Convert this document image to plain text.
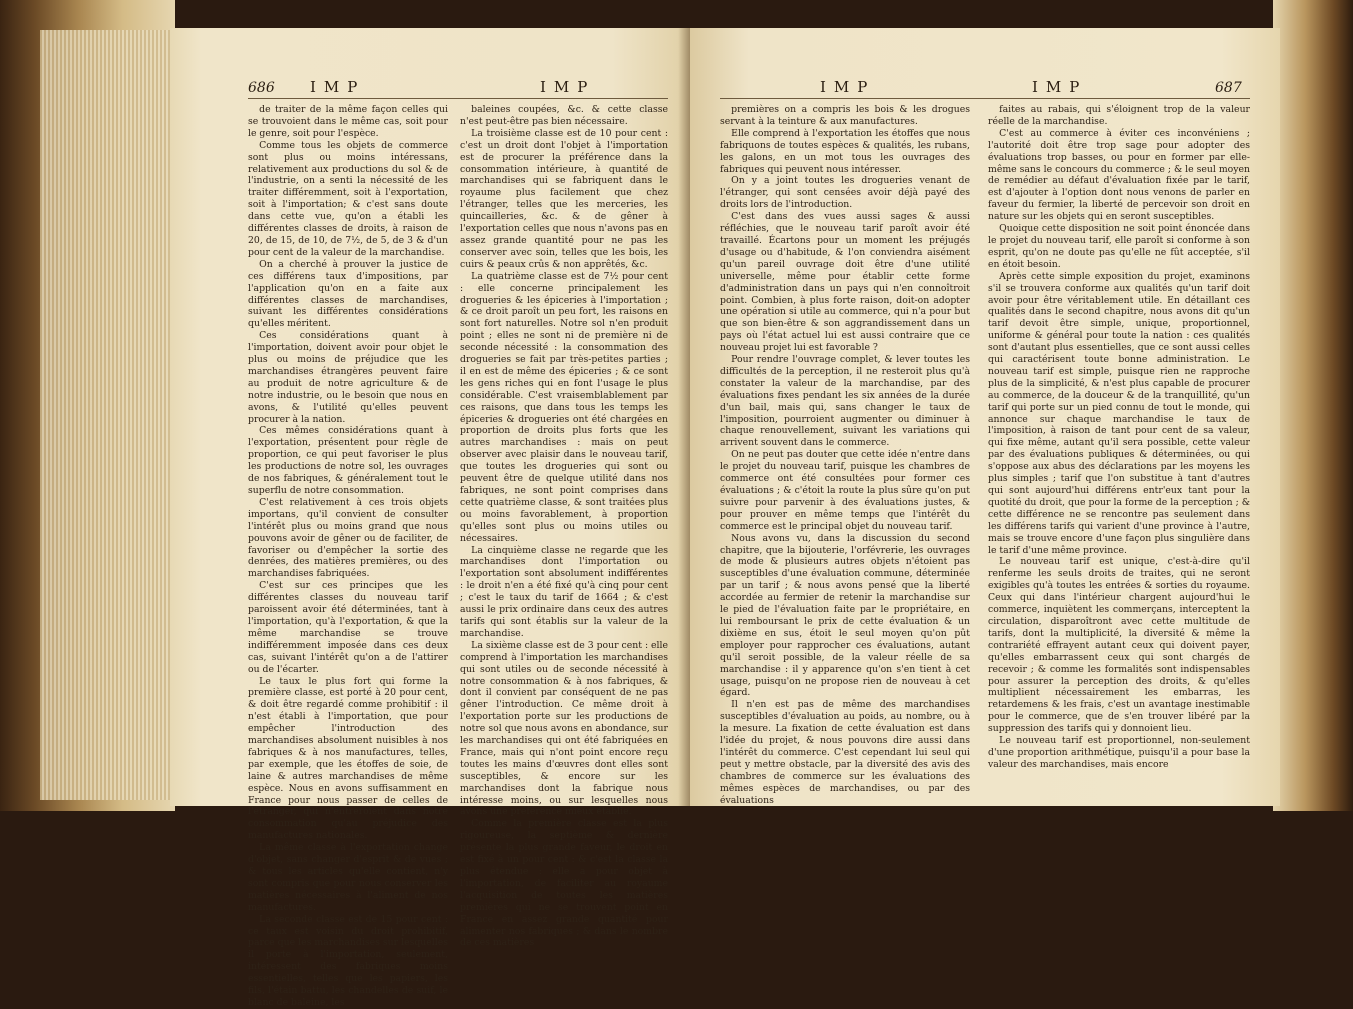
686 IMP	IMP

de traiter de la même façon celles qui se trouvoient dans le même cas, soit pour le genre, soit pour l'espèce.

Comme tous les objets de commerce sont plus ou moins intéressans, relativement aux productions du sol & de l'industrie, on a senti la nécessité de les traiter différemment, soit à l'exportation, soit à l'importation; & c'est sans doute dans cette vue, qu'on a établi les différentes classes de droits, à raison de 20, de 15, de 10, de 7½, de 5, de 3 & d'un pour cent de la valeur de la marchandise.

On a cherché à prouver la justice de ces différens taux d'impositions, par l'application qu'on en a faite aux différentes classes de marchandises, suivant les différentes considérations qu'elles méritent.

Ces considérations quant à l'importation, doivent avoir pour objet le plus ou moins de préjudice que les marchandises étrangères peuvent faire au produit de notre agriculture & de notre industrie, ou le besoin que nous en avons, & l'utilité qu'elles peuvent procurer à la nation.

Ces mêmes considérations quant à l'exportation, présentent pour règle de proportion, ce qui peut favoriser le plus les productions de notre sol, les ouvrages de nos fabriques, & généralement tout le superflu de notre consommation.

C'est relativement à ces trois objets importans, qu'il convient de consulter l'intérêt plus ou moins grand que nous pouvons avoir de gêner ou de faciliter, de favoriser ou d'empêcher la sortie des denrées, des matières premières, ou des marchandises fabriquées.

C'est sur ces principes que les différentes classes du nouveau tarif paroissent avoir été déterminées, tant à l'importation, qu'à l'exportation, & que la même marchandise se trouve indifféremment imposée dans ces deux cas, suivant l'intérêt qu'on a de l'attirer ou de l'écarter.

Le taux le plus fort qui forme la première classe, est porté à 20 pour cent, & doit être regardé comme prohibitif : il n'est établi à l'importation, que pour empêcher l'introduction des marchandises absolument nuisibles à nos fabriques & à nos manufactures, telles, par exemple, que les étoffes de soie, de laine & autres marchandises de même espèce. Nous en avons suffisamment en France pour nous passer de celles de l'étranger, qui n'entreroient dans notre consommation qu'au préjudice des manufactures nationales.

La même classe à l'exportation change d'objet, sans changer d'esprit & de vues ; & tous les articles qu'elle contient, n'y sont compris que pour nous conserver les matières nécessaires à l'aliment de nos manufactures.

La seconde classe est de 15 pour cent : ce taux est voisin du droit prohibitif, parce que les marchandises sur lesquelles il porte à l'importation, seulement, intéressent des fabriques moins essentielles, telles que les papiers, les fils, l'étain battu, les chandelles de suif, le blanc de baleine, les

baleines coupées, &c. & cette classe n'est peut-être pas bien nécessaire.

La troisième classe est de 10 pour cent : c'est un droit dont l'objet à l'importation est de procurer la préférence dans la consommation intérieure, à quantité de marchandises qui se fabriquent dans le royaume plus facilement que chez l'étranger, telles que les merceries, les quincailleries, &c. & de gêner à l'exportation celles que nous n'avons pas en assez grande quantité pour ne pas les conserver avec soin, telles que les bois, les cuirs & peaux crûs & non apprêtés, &c.

La quatrième classe est de 7½ pour cent : elle concerne principalement les drogueries & les épiceries à l'importation ; & ce droit paroît un peu fort, les raisons en sont fort naturelles. Notre sol n'en produit point ; elles ne sont ni de première ni de seconde nécessité : la consommation des drogueries se fait par très-petites parties ; il en est de même des épiceries ; & ce sont les gens riches qui en font l'usage le plus considérable. C'est vraisemblablement par ces raisons, que dans tous les temps les épiceries & drogueries ont été chargées en proportion de droits plus forts que les autres marchandises : mais on peut observer avec plaisir dans le nouveau tarif, que toutes les drogueries qui sont ou peuvent être de quelque utilité dans nos fabriques, ne sont point comprises dans cette quatrième classe, & sont traitées plus ou moins favorablement, à proportion qu'elles sont plus ou moins utiles ou nécessaires.

La cinquième classe ne regarde que les marchandises dont l'importation ou l'exportation sont absolument indifférentes : le droit n'en a été fixé qu'à cinq pour cent ; c'est le taux du tarif de 1664 ; & c'est aussi le prix ordinaire dans ceux des autres tarifs qui sont établis sur la valeur de la marchandise.

La sixième classe est de 3 pour cent : elle comprend à l'importation les marchandises qui sont utiles ou de seconde nécessité à notre consommation & à nos fabriques, & dont il convient par conséquent de ne pas gêner l'introduction. Ce même droit à l'exportation porte sur les productions de notre sol que nous avons en abondance, sur les marchandises qui ont été fabriquées en France, mais qui n'ont point encore reçu toutes les mains d'œuvres dont elles sont susceptibles, & encore sur les marchandises dont la fabrique nous intéresse moins, ou sur lesquelles nous avons une préférence mieux établie.

Comme la première classe est la plus rigoureuse, la septième & dernière présente la plus grande faveur, le droit en est fixé à un pour cent : & c'est la classe la plus étendue : elle a pour objet à l'importation, de faciliter au royaume l'acquisition de toutes les matières premières qui ne se trouvent point en France en assez grande quantité pour alimenter nos fabriques ; & dans le nombre de ces matières

IMP	IMP	687

premières on a compris les bois & les drogues servant à la teinture & aux manufactures.

Elle comprend à l'exportation les étoffes que nous fabriquons de toutes espèces & qualités, les rubans, les galons, en un mot tous les ouvrages des fabriques qui peuvent nous intéresser.

On y a joint toutes les drogueries venant de l'étranger, qui sont censées avoir déjà payé des droits lors de l'introduction.

C'est dans des vues aussi sages & aussi réfléchies, que le nouveau tarif paroît avoir été travaillé. Écartons pour un moment les préjugés d'usage ou d'habitude, & l'on conviendra aisément qu'un pareil ouvrage doit être d'une utilité universelle, même pour établir cette forme d'administration dans un pays qui n'en connoîtroit point. Combien, à plus forte raison, doit-on adopter une opération si utile au commerce, qui n'a pour but que son bien-être & son aggrandissement dans un pays où l'état actuel lui est aussi contraire que ce nouveau projet lui est favorable ?

Pour rendre l'ouvrage complet, & lever toutes les difficultés de la perception, il ne resteroit plus qu'à constater la valeur de la marchandise, par des évaluations fixes pendant les six années de la durée d'un bail, mais qui, sans changer le taux de l'imposition, pourroient augmenter ou diminuer à chaque renouvellement, suivant les variations qui arrivent souvent dans le commerce.

On ne peut pas douter que cette idée n'entre dans le projet du nouveau tarif, puisque les chambres de commerce ont été consultées pour former ces évaluations ; & c'étoit la route la plus sûre qu'on put suivre pour parvenir à des évaluations justes, & pour prouver en même temps que l'intérêt du commerce est le principal objet du nouveau tarif.

Nous avons vu, dans la discussion du second chapitre, que la bijouterie, l'orfévrerie, les ouvrages de mode & plusieurs autres objets n'étoient pas susceptibles d'une évaluation commune, déterminée par un tarif ; & nous avons pensé que la liberté accordée au fermier de retenir la marchandise sur le pied de l'évaluation faite par le propriétaire, en lui remboursant le prix de cette évaluation & un dixième en sus, étoit le seul moyen qu'on pût employer pour rapprocher ces évaluations, autant qu'il seroit possible, de la valeur réelle de sa marchandise : il y apparence qu'on s'en tient à cet usage, puisqu'on ne propose rien de nouveau à cet égard.

Il n'en est pas de même des marchandises susceptibles d'évaluation au poids, au nombre, ou à la mesure. La fixation de cette évaluation est dans l'idée du projet, & nous pouvons dire aussi dans l'intérêt du commerce. C'est cependant lui seul qui peut y mettre obstacle, par la diversité des avis des chambres de commerce sur les évaluations des mêmes espèces de marchandises, ou par des évaluations

faites au rabais, qui s'éloignent trop de la valeur réelle de la marchandise.

C'est au commerce à éviter ces inconvéniens ; l'autorité doit être trop sage pour adopter des évaluations trop basses, ou pour en former par elle-même sans le concours du commerce ; & le seul moyen de remédier au défaut d'évaluation fixée par le tarif, est d'ajouter à l'option dont nous venons de parler en faveur du fermier, la liberté de percevoir son droit en nature sur les objets qui en seront susceptibles.

Quoique cette disposition ne soit point énoncée dans le projet du nouveau tarif, elle paroît si conforme à son esprit, qu'on ne doute pas qu'elle ne fût acceptée, s'il en étoit besoin.

Après cette simple exposition du projet, examinons s'il se trouvera conforme aux qualités qu'un tarif doit avoir pour être véritablement utile. En détaillant ces qualités dans le second chapitre, nous avons dit qu'un tarif devoit être simple, unique, proportionnel, uniforme & général pour toute la nation : ces qualités sont d'autant plus essentielles, que ce sont aussi celles qui caractérisent toute bonne administration. Le nouveau tarif est simple, puisque rien ne rapproche plus de la simplicité, & n'est plus capable de procurer au commerce, de la douceur & de la tranquillité, qu'un tarif qui porte sur un pied connu de tout le monde, qui annonce sur chaque marchandise le taux de l'imposition, à raison de tant pour cent de sa valeur, qui fixe même, autant qu'il sera possible, cette valeur par des évaluations publiques & déterminées, ou qui s'oppose aux abus des déclarations par les moyens les plus simples ; tarif que l'on substitue à tant d'autres qui sont aujourd'hui différens entr'eux tant pour la quotité du droit, que pour la forme de la perception ; & cette différence ne se rencontre pas seulement dans les différens tarifs qui varient d'une province à l'autre, mais se trouve encore d'une façon plus singulière dans le tarif d'une même province.

Le nouveau tarif est unique, c'est-à-dire qu'il renferme les seuls droits de traites, qui ne seront exigibles qu'à toutes les entrées & sorties du royaume. Ceux qui dans l'intérieur chargent aujourd'hui le commerce, inquiètent les commerçans, interceptent la circulation, disparoîtront avec cette multitude de tarifs, dont la multiplicité, la diversité & même la contrariété effrayent autant ceux qui doivent payer, qu'elles embarrassent ceux qui sont chargés de recevoir ; & comme les formalités sont indispensables pour assurer la perception des droits, & qu'elles multiplient nécessairement les embarras, les retardemens & les frais, c'est un avantage inestimable pour le commerce, que de s'en trouver libéré par la suppression des tarifs qui y donnoient lieu.

Le nouveau tarif est proportionnel, non-seulement d'une proportion arithmétique, puisqu'il a pour base la valeur des marchandises, mais encore
